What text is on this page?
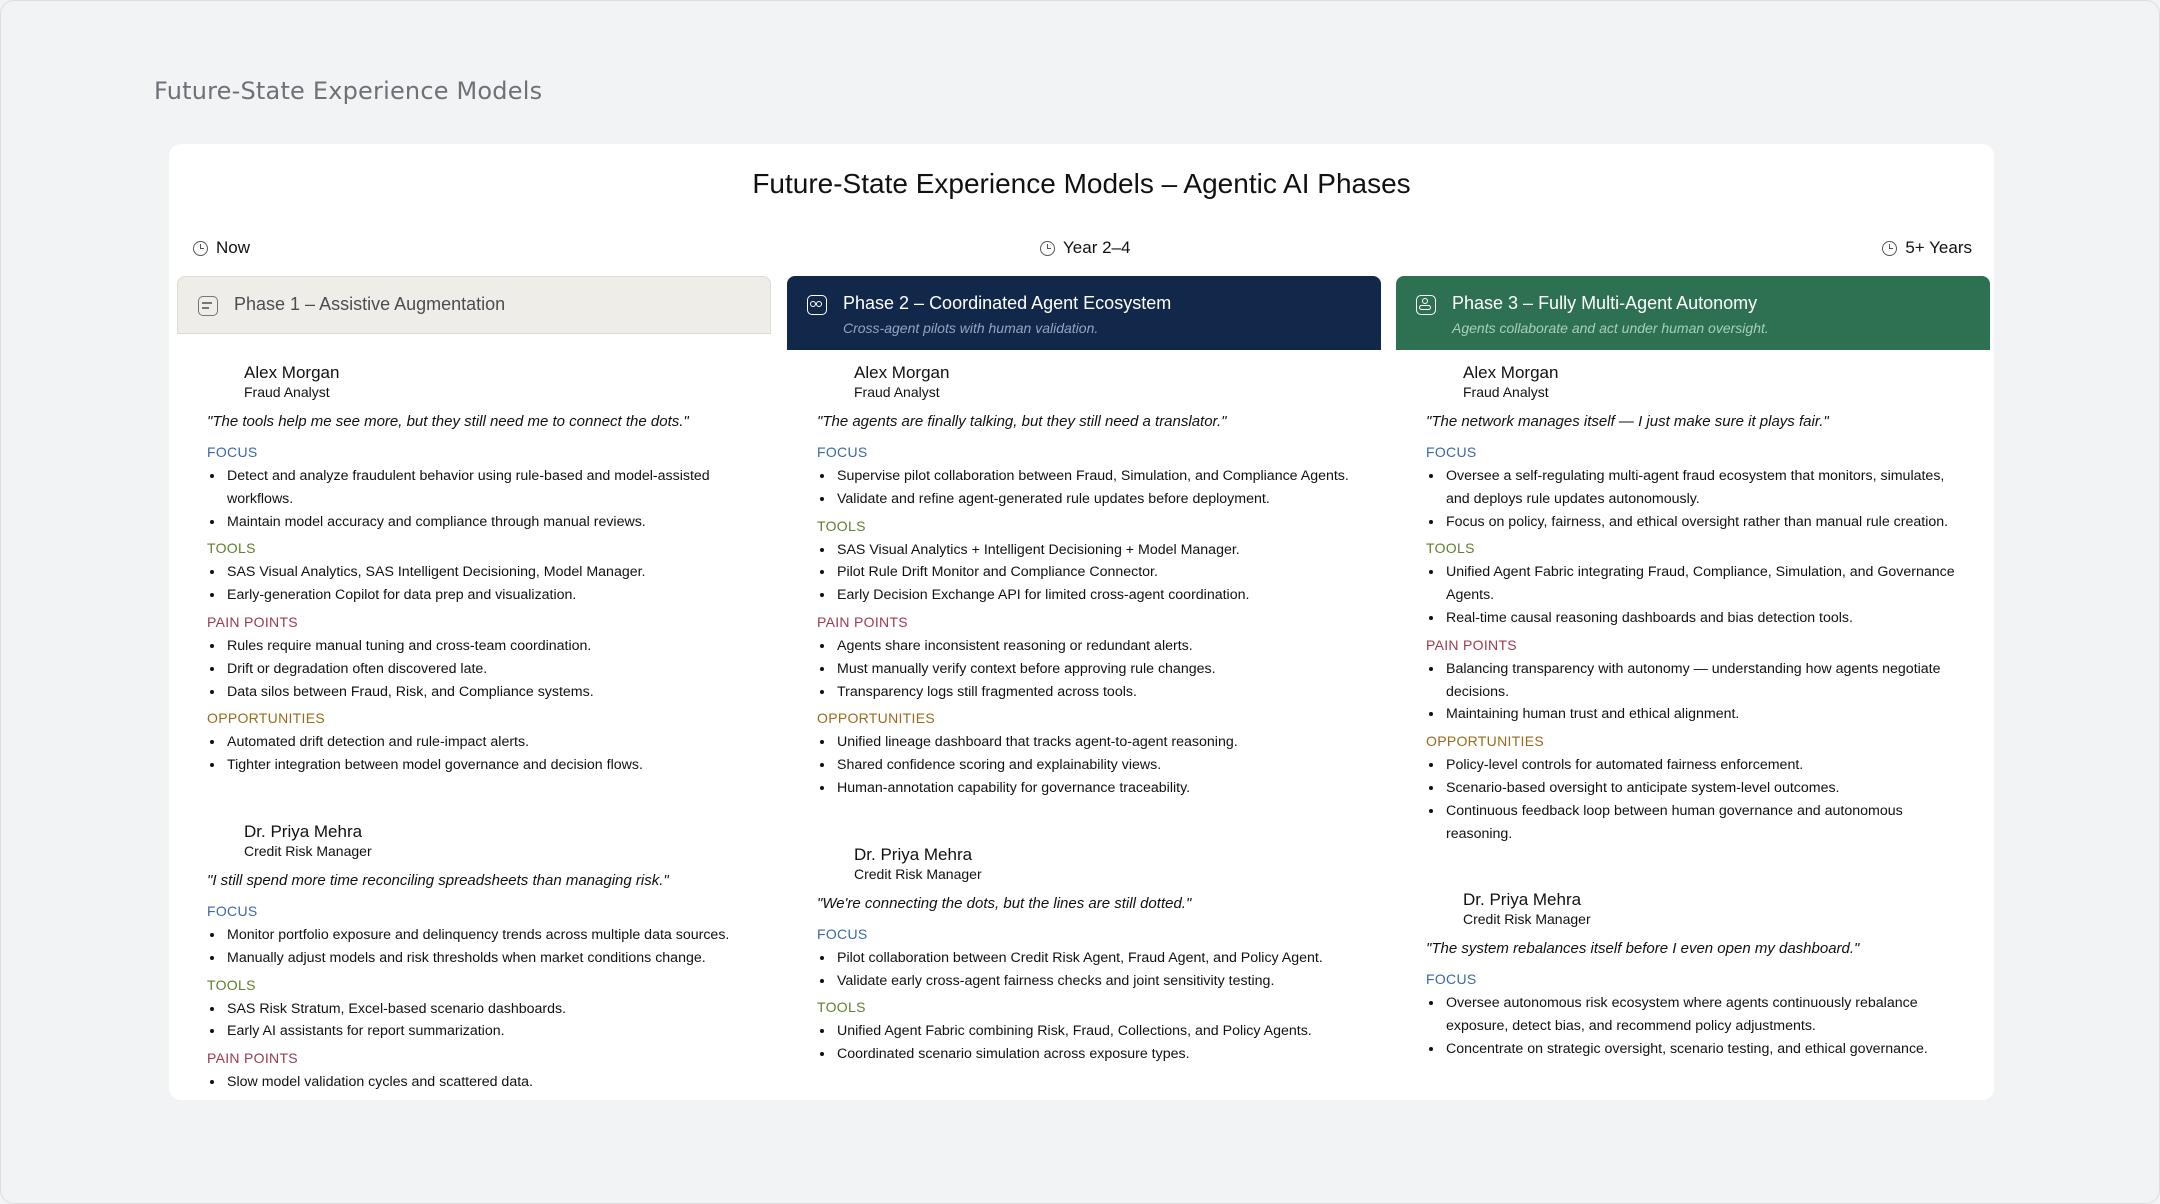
Future-State Experience Models
Future-State Experience Models – Agentic AI Phases
Now	Year 2–4	5+ Years
Phase 1 – Assistive Augmentation
Alex Morgan
Fraud Analyst
"The tools help me see more, but they still need me to connect the dots."
FOCUS
• Detect and analyze fraudulent behavior using rule-based and model-assisted workflows.
• Maintain model accuracy and compliance through manual reviews.
TOOLS
• SAS Visual Analytics, SAS Intelligent Decisioning, Model Manager.
• Early-generation Copilot for data prep and visualization.
PAIN POINTS
• Rules require manual tuning and cross-team coordination.
• Drift or degradation often discovered late.
• Data silos between Fraud, Risk, and Compliance systems.
OPPORTUNITIES
• Automated drift detection and rule-impact alerts.
• Tighter integration between model governance and decision flows.
Dr. Priya Mehra
Credit Risk Manager
"I still spend more time reconciling spreadsheets than managing risk."
FOCUS
• Monitor portfolio exposure and delinquency trends across multiple data sources.
• Manually adjust models and risk thresholds when market conditions change.
TOOLS
• SAS Risk Stratum, Excel-based scenario dashboards.
• Early AI assistants for report summarization.
PAIN POINTS
• Slow model validation cycles and scattered data.
Phase 2 – Coordinated Agent Ecosystem
Cross-agent pilots with human validation.
Alex Morgan
Fraud Analyst
"The agents are finally talking, but they still need a translator."
FOCUS
• Supervise pilot collaboration between Fraud, Simulation, and Compliance Agents.
• Validate and refine agent-generated rule updates before deployment.
TOOLS
• SAS Visual Analytics + Intelligent Decisioning + Model Manager.
• Pilot Rule Drift Monitor and Compliance Connector.
• Early Decision Exchange API for limited cross-agent coordination.
PAIN POINTS
• Agents share inconsistent reasoning or redundant alerts.
• Must manually verify context before approving rule changes.
• Transparency logs still fragmented across tools.
OPPORTUNITIES
• Unified lineage dashboard that tracks agent-to-agent reasoning.
• Shared confidence scoring and explainability views.
• Human-annotation capability for governance traceability.
Dr. Priya Mehra
Credit Risk Manager
"We're connecting the dots, but the lines are still dotted."
FOCUS
• Pilot collaboration between Credit Risk Agent, Fraud Agent, and Policy Agent.
• Validate early cross-agent fairness checks and joint sensitivity testing.
TOOLS
• Unified Agent Fabric combining Risk, Fraud, Collections, and Policy Agents.
• Coordinated scenario simulation across exposure types.
Phase 3 – Fully Multi-Agent Autonomy
Agents collaborate and act under human oversight.
Alex Morgan
Fraud Analyst
"The network manages itself — I just make sure it plays fair."
FOCUS
• Oversee a self-regulating multi-agent fraud ecosystem that monitors, simulates, and deploys rule updates autonomously.
• Focus on policy, fairness, and ethical oversight rather than manual rule creation.
TOOLS
• Unified Agent Fabric integrating Fraud, Compliance, Simulation, and Governance Agents.
• Real-time causal reasoning dashboards and bias detection tools.
PAIN POINTS
• Balancing transparency with autonomy — understanding how agents negotiate decisions.
• Maintaining human trust and ethical alignment.
OPPORTUNITIES
• Policy-level controls for automated fairness enforcement.
• Scenario-based oversight to anticipate system-level outcomes.
• Continuous feedback loop between human governance and autonomous reasoning.
Dr. Priya Mehra
Credit Risk Manager
"The system rebalances itself before I even open my dashboard."
FOCUS
• Oversee autonomous risk ecosystem where agents continuously rebalance exposure, detect bias, and recommend policy adjustments.
• Concentrate on strategic oversight, scenario testing, and ethical governance.
